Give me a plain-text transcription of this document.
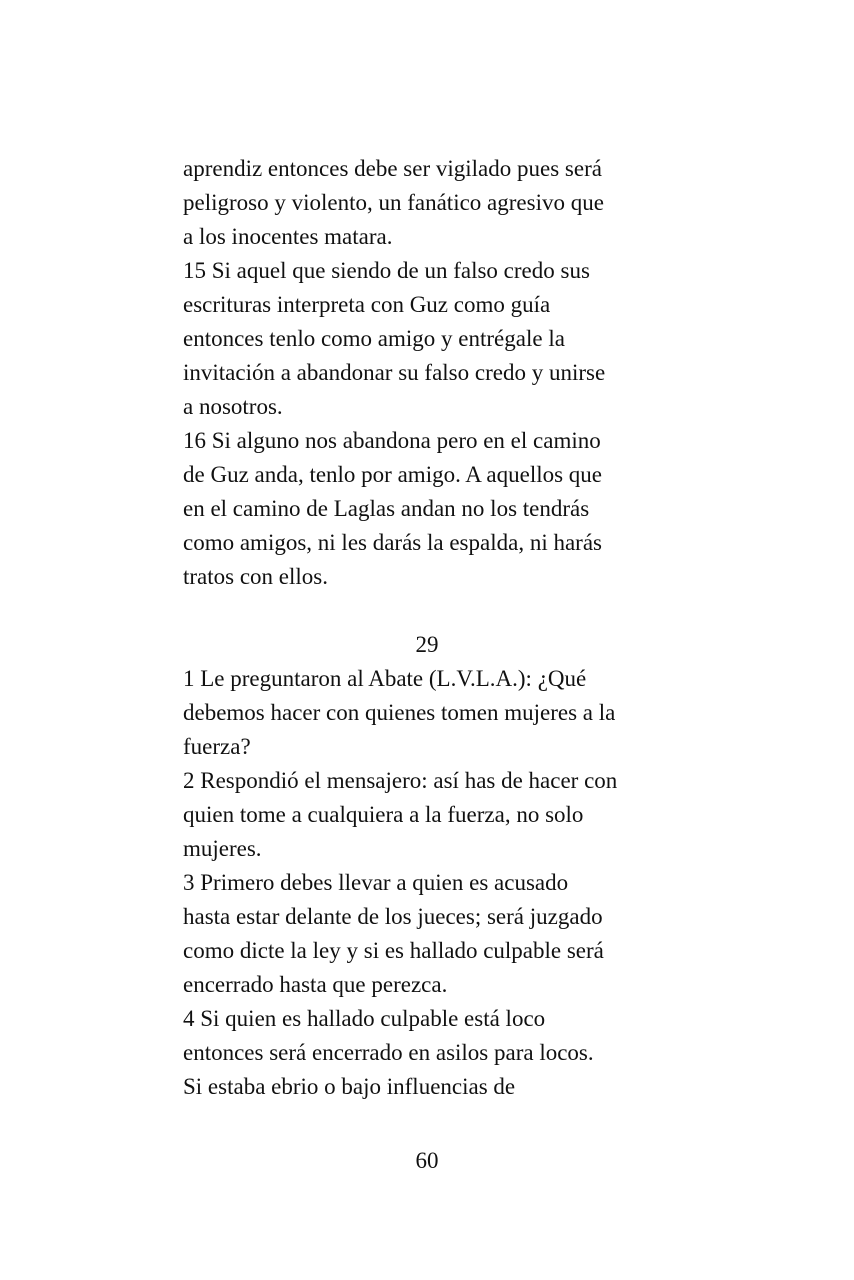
aprendiz entonces debe ser vigilado pues será
peligroso y violento, un fanático agresivo que
a los inocentes matara.
15 Si aquel que siendo de un falso credo sus
escrituras interpreta con Guz como guía
entonces tenlo como amigo y entrégale la
invitación a abandonar su falso credo y unirse
a nosotros.
16 Si alguno nos abandona pero en el camino
de Guz anda, tenlo por amigo. A aquellos que
en el camino de Laglas andan no los tendrás
como amigos, ni les darás la espalda, ni harás
tratos con ellos.
29
1 Le preguntaron al Abate (L.V.L.A.): ¿Qué
debemos hacer con quienes tomen mujeres a la
fuerza?
2 Respondió el mensajero: así has de hacer con
quien tome a cualquiera a la fuerza, no solo
mujeres.
3 Primero debes llevar a quien es acusado
hasta estar delante de los jueces; será juzgado
como dicte la ley y si es hallado culpable será
encerrado hasta que perezca.
4 Si quien es hallado culpable está loco
entonces será encerrado en asilos para locos.
Si estaba ebrio o bajo influencias de
60
